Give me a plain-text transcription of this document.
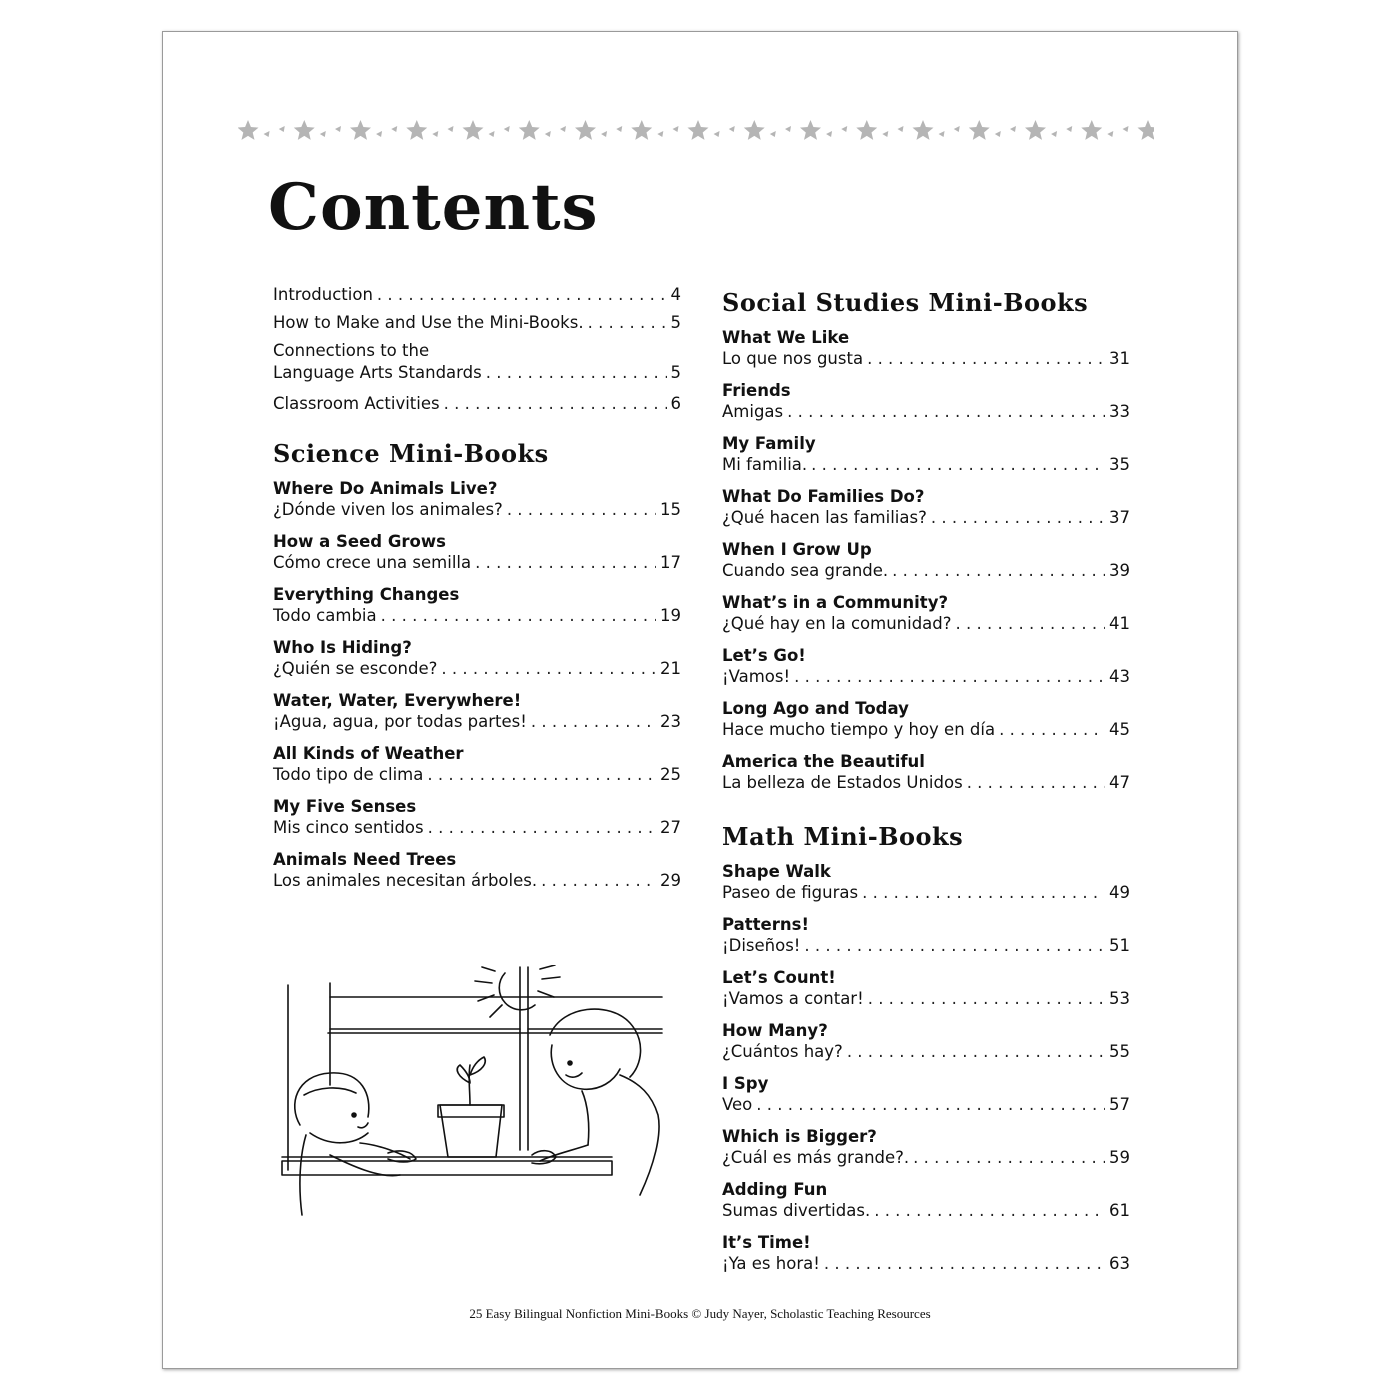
Contents
Introduction . . .	4
How to Make and Use the Mini-Books. . . .	5
Connections to the
Language Arts Standards . . .	5
Classroom Activities . . .	6
Science Mini-Books
Where Do Animals Live?
¿Dónde viven los animales? . . .	15
How a Seed Grows
Cómo crece una semilla . . .	17
Everything Changes
Todo cambia . . .	19
Who Is Hiding?
¿Quién se esconde? . . .	21
Water, Water, Everywhere!
¡Agua, agua, por todas partes! . . .	23
All Kinds of Weather
Todo tipo de clima . . .	25
My Five Senses
Mis cinco sentidos . . .	27
Animals Need Trees
Los animales necesitan árboles. . . .	29
Social Studies Mini-Books
What We Like
Lo que nos gusta . . .	31
Friends
Amigas . . .	33
My Family
Mi familia. . . .	35
What Do Families Do?
¿Qué hacen las familias? . . .	37
When I Grow Up
Cuando sea grande. . . .	39
What’s in a Community?
¿Qué hay en la comunidad? . . .	41
Let’s Go!
¡Vamos! . . .	43
Long Ago and Today
Hace mucho tiempo y hoy en día . . .	45
America the Beautiful
La belleza de Estados Unidos . . .	47
Math Mini-Books
Shape Walk
Paseo de figuras . . .	49
Patterns!
¡Diseños! . . .	51
Let’s Count!
¡Vamos a contar! . . .	53
How Many?
¿Cuántos hay? . . .	55
I Spy
Veo . . .	57
Which is Bigger?
¿Cuál es más grande?. . . .	59
Adding Fun
Sumas divertidas. . . .	61
It’s Time!
¡Ya es hora! . . .	63
25 Easy Bilingual Nonfiction Mini-Books © Judy Nayer, Scholastic Teaching Resources
